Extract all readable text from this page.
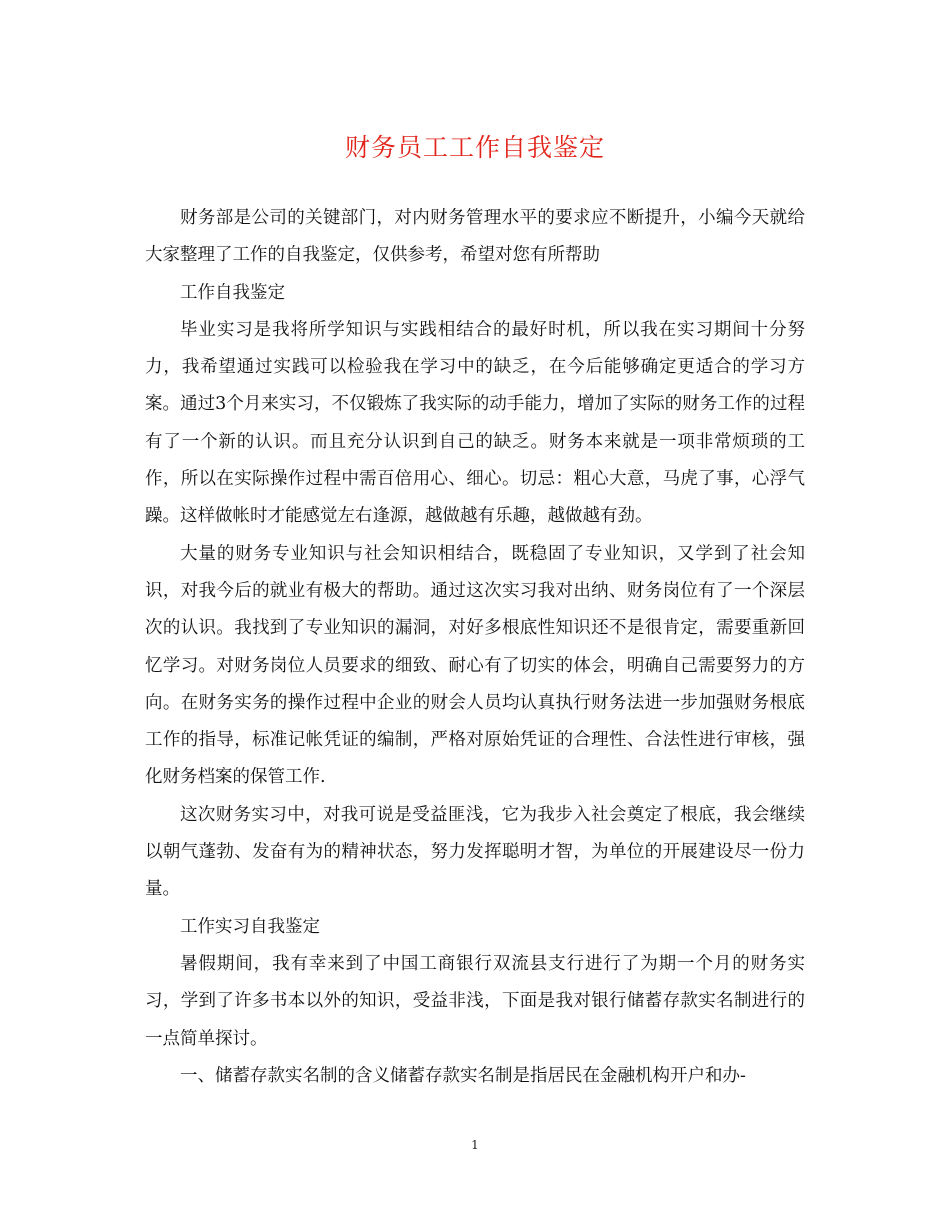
财务员工工作自我鉴定

财务部是公司的关键部门，对内财务管理水平的要求应不断提升，小编今天就给大家整理了工作的自我鉴定，仅供参考，希望对您有所帮助

工作自我鉴定

毕业实习是我将所学知识与实践相结合的最好时机，所以我在实习期间十分努力，我希望通过实践可以检验我在学习中的缺乏，在今后能够确定更适合的学习方案。通过3个月来实习，不仅锻炼了我实际的动手能力，增加了实际的财务工作的过程有了一个新的认识。而且充分认识到自己的缺乏。财务本来就是一项非常烦琐的工作，所以在实际操作过程中需百倍用心、细心。切忌：粗心大意，马虎了事，心浮气躁。这样做帐时才能感觉左右逢源，越做越有乐趣，越做越有劲。

大量的财务专业知识与社会知识相结合，既稳固了专业知识，又学到了社会知识，对我今后的就业有极大的帮助。通过这次实习我对出纳、财务岗位有了一个深层次的认识。我找到了专业知识的漏洞，对好多根底性知识还不是很肯定，需要重新回忆学习。对财务岗位人员要求的细致、耐心有了切实的体会，明确自己需要努力的方向。在财务实务的操作过程中企业的财会人员均认真执行财务法进一步加强财务根底工作的指导，标准记帐凭证的编制，严格对原始凭证的合理性、合法性进行审核，强化财务档案的保管工作.

这次财务实习中，对我可说是受益匪浅，它为我步入社会奠定了根底，我会继续以朝气蓬勃、发奋有为的精神状态，努力发挥聪明才智，为单位的开展建设尽一份力量。

工作实习自我鉴定

暑假期间，我有幸来到了中国工商银行双流县支行进行了为期一个月的财务实习，学到了许多书本以外的知识，受益非浅，下面是我对银行储蓄存款实名制进行的一点简单探讨。

一、储蓄存款实名制的含义储蓄存款实名制是指居民在金融机构开户和办-

1
